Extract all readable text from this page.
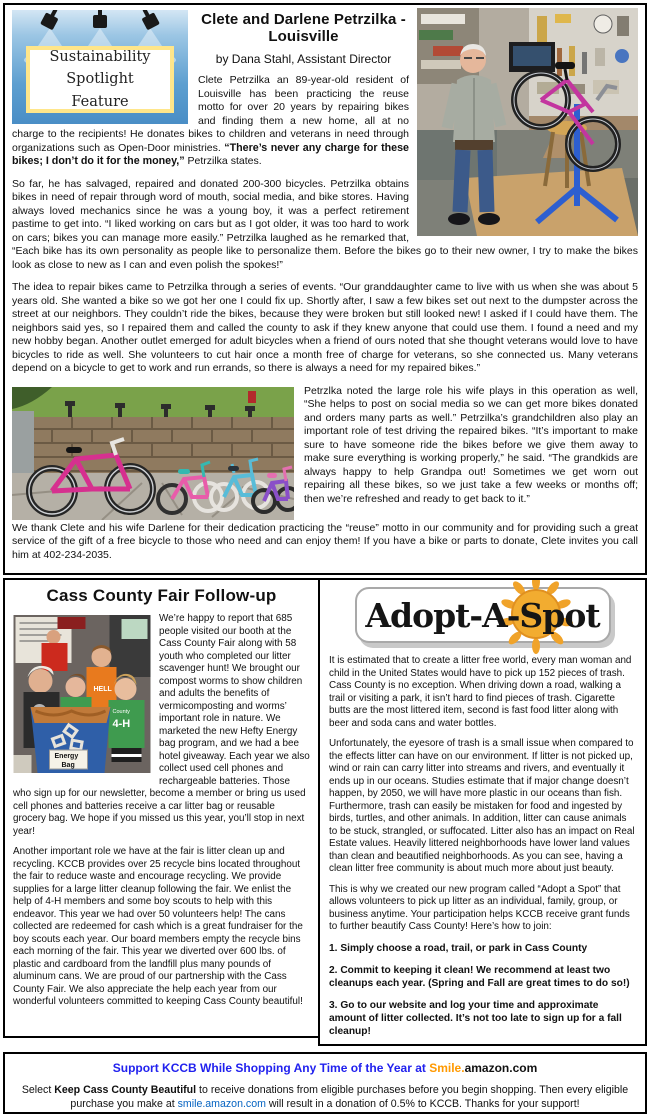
Sustainability
Spotlight
Feature
Clete and Darlene Petrzilka -Louisville
by Dana Stahl, Assistant Director

Clete Petrzilka an 89-year-old resident of Louisville has been practicing the reuse motto for over 20 years by repairing bikes and finding them a new home, all at no charge to the recipients! He donates bikes to children and veterans in need through organizations such as Open-Door ministries. “There’s never any charge for these bikes; I don’t do it for the money,” Petrzilka states.

So far, he has salvaged, repaired and donated 200-300 bicycles. Petrzilka obtains bikes in need of repair through word of mouth, social media, and bike stores. Having always loved mechanics since he was a young boy, it was a perfect retirement pastime to get into. “I liked working on cars but as I got older, it was too hard to work on cars; bikes you can manage more easily.” Petrzilka laughed as he remarked that, “Each bike has its own personality as people like to personalize them. Before the bikes go to their new owner, I try to make the bikes look as close to new as I can and even polish the spokes!”

The idea to repair bikes came to Petrzilka through a series of events. “Our granddaughter came to live with us when she was about 5 years old. She wanted a bike so we got her one I could fix up. Shortly after, I saw a few bikes set out next to the dumpster across the street at our neighbors. They couldn’t ride the bikes, because they were broken but still looked new! I asked if I could have them. The neighbors said yes, so I repaired them and called the county to ask if they knew anyone that could use them. I found a need and my new hobby began. Another outlet emerged for adult bicycles when a friend of ours noted that she thought veterans would love to have bicycles to ride as well. She volunteers to cut hair once a month free of charge for veterans, so she connected us. Many veterans depend on a bicycle to get to work and run errands, so there is always a need for my repaired bikes.”

Petrzlka noted the large role his wife plays in this operation as well, “She helps to post on social media so we can get more bikes donated and orders many parts as well.” Petrzilka’s grandchildren also play an important role of test driving the repaired bikes. “It’s important to make sure to have someone ride the bikes before we give them away to make sure everything is working properly,” he said. “The grandkids are always happy to help Grandpa out! Sometimes we get worn out repairing all these bikes, so we just take a few weeks or months off; then we’re refreshed and ready to get back to it.”

We thank Clete and his wife Darlene for their dedication practicing the “reuse” motto in our community and for providing such a great service of the gift of a free bicycle to those who need and can enjoy them! If you have a bike or parts to donate, Clete invites you call him at 402-234-2035.

Cass County Fair Follow-up
HELL
County
4-H
Energy
Bag

We’re happy to report that 685 people visited our booth at the Cass County Fair along with 58 youth who completed our litter scavenger hunt! We brought our compost worms to show children and adults the benefits of vermicomposting and worms’ important role in nature. We marketed the new Hefty Energy bag program, and we had a bee hotel giveaway. Each year we also collect used cell phones and rechargeable batteries. Those who sign up for our newsletter, become a member or bring us used cell phones and batteries receive a car litter bag or reusable grocery bag. We hope if you missed us this year, you’ll stop in next year!

Another important role we have at the fair is litter clean up and recycling. KCCB provides over 25 recycle bins located throughout the fair to reduce waste and encourage recycling. We provide supplies for a large litter cleanup following the fair. We enlist the help of 4-H members and some boy scouts to help with this endeavor. This year we had over 50 volunteers help! The cans collected are redeemed for cash which is a great fundraiser for the boy scouts each year. Our board members empty the recycle bins each morning of the fair. This year we diverted over 600 lbs. of plastic and cardboard from the landfill plus many pounds of aluminum cans. We are proud of our partnership with the Cass County Fair. We also appreciate the help each year from our wonderful volunteers committed to keeping Cass County beautiful!

Adopt-A-Spot

It is estimated that to create a litter free world, every man woman and child in the United States would have to pick up 152 pieces of trash. Cass County is no exception. When driving down a road, walking a trail or visiting a park, it isn’t hard to find pieces of trash. Cigarette butts are the most littered item, second is fast food litter along with beer and soda cans and water bottles.

Unfortunately, the eyesore of trash is a small issue when compared to the effects litter can have on our environment. If litter is not picked up, wind or rain can carry litter into streams and rivers, and eventually it ends up in our oceans. Studies estimate that if major change doesn’t happen, by 2050, we will have more plastic in our oceans than fish. Furthermore, trash can easily be mistaken for food and ingested by birds, turtles, and other animals. In addition, litter can cause animals to be stuck, strangled, or suffocated. Litter also has an impact on Real Estate values. Heavily littered neighborhoods have lower land values than clean and beautified neighborhoods. As you can see, having a clean litter free community is about much more about just beauty.

This is why we created our new program called “Adopt a Spot” that allows volunteers to pick up litter as an individual, family, group, or business anytime. Your participation helps KCCB receive grant funds to further beautify Cass County! Here’s how to join:

1. Simply choose a road, trail, or park in Cass County

2. Commit to keeping it clean! We recommend at least two cleanups each year. (Spring and Fall are great times to do so!)

3. Go to our website and log your time and approximate amount of litter collected. It’s not too late to sign up for a fall cleanup!

Support KCCB While Shopping Any Time of the Year at Smile.amazon.com

Select Keep Cass County Beautiful to receive donations from eligible purchases before you begin shopping. Then every eligible purchase you make at smile.amazon.com will result in a donation of 0.5% to KCCB. Thanks for your support!
